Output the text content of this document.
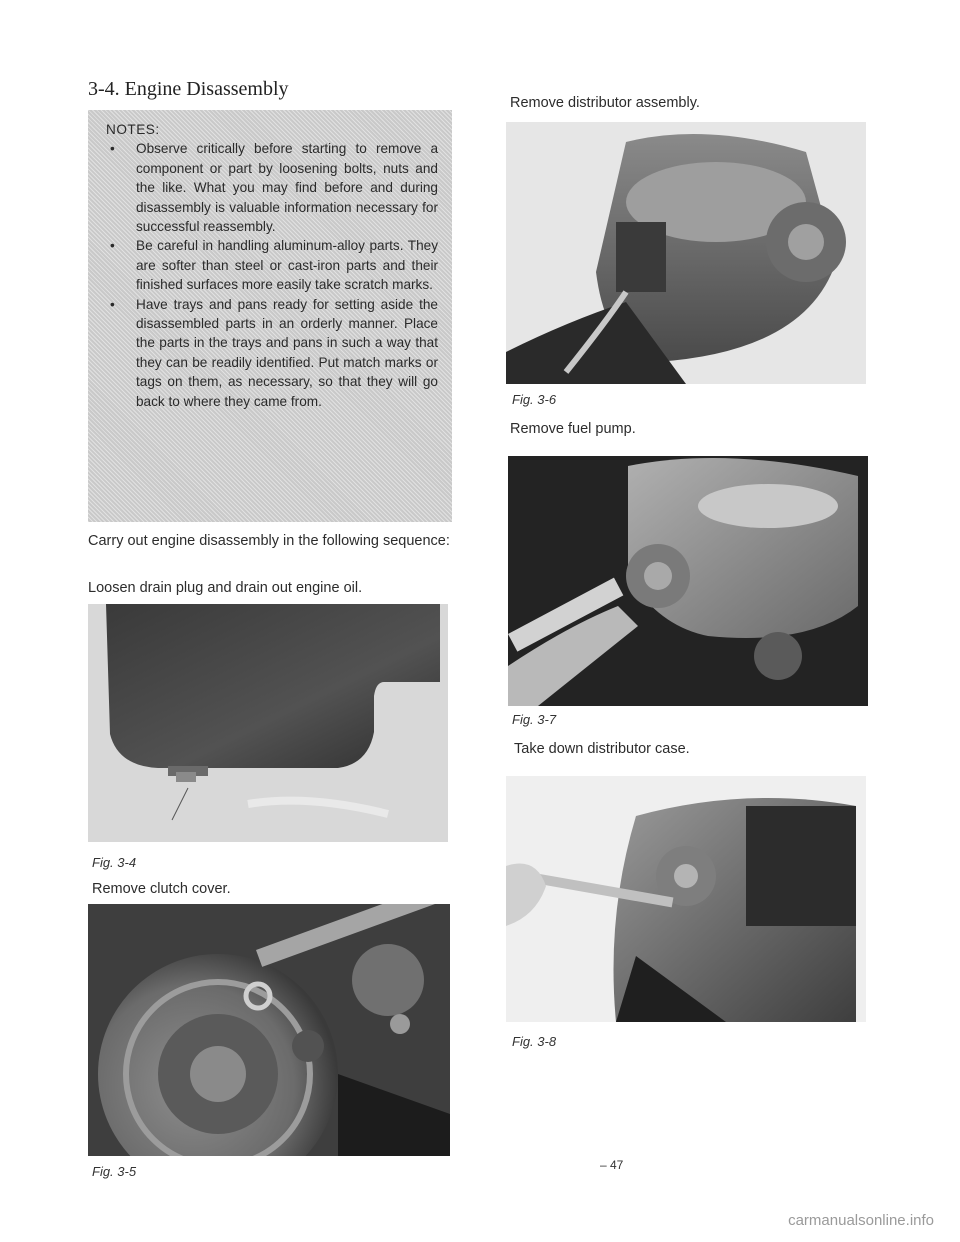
3-4. Engine Disassembly
NOTES:
• Observe critically before starting to remove a component or part by loosening bolts, nuts and the like. What you may find before and during disassembly is valuable information necessary for successful reassembly.
• Be careful in handling aluminum-alloy parts. They are softer than steel or cast-iron parts and their finished surfaces more easily take scratch marks.
• Have trays and pans ready for setting aside the disassembled parts in an orderly manner. Place the parts in the trays and pans in such a way that they can be readily identified. Put match marks or tags on them, as necessary, so that they will go back to where they came from.
Carry out engine disassembly in the following sequence:
Loosen drain plug and drain out engine oil.
Fig. 3-4
Remove clutch cover.
Fig. 3-5	– 47
Remove distributor assembly.
Fig. 3-6
Remove fuel pump.
Fig. 3-7
Take down distributor case.
Fig. 3-8
carmanualsonline.info
